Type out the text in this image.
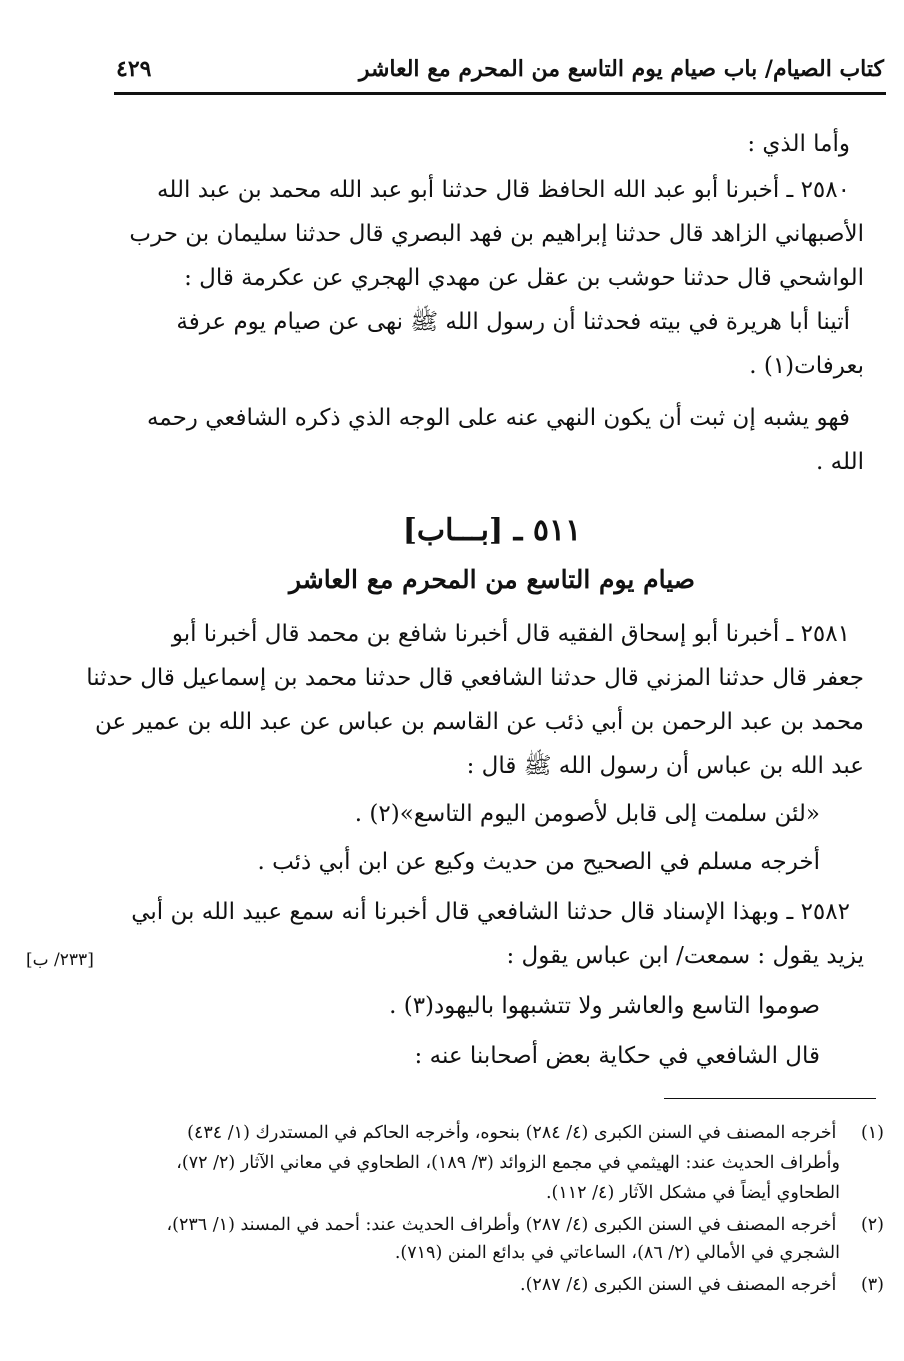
كتاب الصيام/ باب صيام يوم التاسع من المحرم مع العاشر
٤٢٩
وأما الذي :
٢٥٨٠ ـ أخبرنا أبو عبد الله الحافظ قال حدثنا أبو عبد الله محمد بن عبد الله
الأصبهاني الزاهد قال حدثنا إبراهيم بن فهد البصري قال حدثنا سليمان بن حرب
الواشحي قال حدثنا حوشب بن عقل عن مهدي الهجري عن عكرمة قال :
أتينا أبا هريرة في بيته فحدثنا أن رسول الله ﷺ نهى عن صيام يوم عرفة
بعرفات(١) .
فهو يشبه إن ثبت أن يكون النهي عنه على الوجه الذي ذكره الشافعي رحمه
الله .
٥١١ ـ [بـــاب]
صيام يوم التاسع من المحرم مع العاشر
٢٥٨١ ـ أخبرنا أبو إسحاق الفقيه قال أخبرنا شافع بن محمد قال أخبرنا أبو
جعفر قال حدثنا المزني قال حدثنا الشافعي قال حدثنا محمد بن إسماعيل قال حدثنا
محمد بن عبد الرحمن بن أبي ذئب عن القاسم بن عباس عن عبد الله بن عمير عن
عبد الله بن عباس أن رسول الله ﷺ قال :
«لئن سلمت إلى قابل لأصومن اليوم التاسع»(٢) .
أخرجه مسلم في الصحيح من حديث وكيع عن ابن أبي ذئب .
٢٥٨٢ ـ وبهذا الإسناد قال حدثنا الشافعي قال أخبرنا أنه سمع عبيد الله بن أبي
يزيد يقول : سمعت/ ابن عباس يقول :
[٢٣٣/ ب]
صوموا التاسع والعاشر ولا تتشبهوا باليهود(٣) .
قال الشافعي في حكاية بعض أصحابنا عنه :
(١) أخرجه المصنف في السنن الكبرى (٤/ ٢٨٤) بنحوه، وأخرجه الحاكم في المستدرك (١/ ٤٣٤)
وأطراف الحديث عند: الهيثمي في مجمع الزوائد (٣/ ١٨٩)، الطحاوي في معاني الآثار (٢/ ٧٢)،
الطحاوي أيضاً في مشكل الآثار (٤/ ١١٢).
(٢) أخرجه المصنف في السنن الكبرى (٤/ ٢٨٧) وأطراف الحديث عند: أحمد في المسند (١/ ٢٣٦)،
الشجري في الأمالي (٢/ ٨٦)، الساعاتي في بدائع المنن (٧١٩).
(٣) أخرجه المصنف في السنن الكبرى (٤/ ٢٨٧).
